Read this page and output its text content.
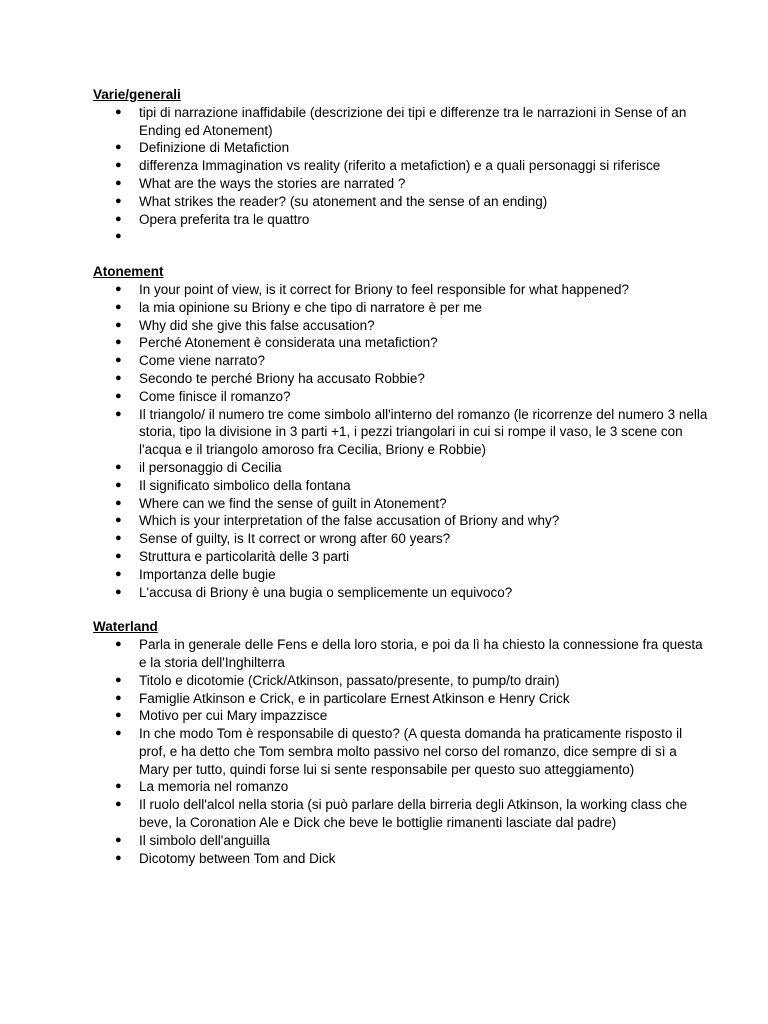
Varie/generali

● tipi di narrazione inaffidabile (descrizione dei tipi e differenze tra le narrazioni in Sense of an Ending ed Atonement)
● Definizione di Metafiction
● differenza Immagination vs reality (riferito a metafiction) e a quali personaggi si riferisce
● What are the ways the stories are narrated ?
● What strikes the reader? (su atonement and the sense of an ending)
● Opera preferita tra le quattro
●

Atonement

● In your point of view, is it correct for Briony to feel responsible for what happened?
● la mia opinione su Briony e che tipo di narratore è per me
● Why did she give this false accusation?
● Perché Atonement è considerata una metafiction?
● Come viene narrato?
● Secondo te perché Briony ha accusato Robbie?
● Come finisce il romanzo?
● Il triangolo/ il numero tre come simbolo all'interno del romanzo (le ricorrenze del numero 3 nella storia, tipo la divisione in 3 parti +1, i pezzi triangolari in cui si rompe il vaso, le 3 scene con l'acqua e il triangolo amoroso fra Cecilia, Briony e Robbie)
● il personaggio di Cecilia
● Il significato simbolico della fontana
● Where can we find the sense of guilt in Atonement?
● Which is your interpretation of the false accusation of Briony and why?
● Sense of guilty, is It correct or wrong after 60 years?
● Struttura e particolarità delle 3 parti
● Importanza delle bugie
● L'accusa di Briony è una bugia o semplicemente un equivoco?

Waterland

● Parla in generale delle Fens e della loro storia, e poi da lì ha chiesto la connessione fra questa e la storia dell'Inghilterra
● Titolo e dicotomie (Crick/Atkinson, passato/presente, to pump/to drain)
● Famiglie Atkinson e Crick, e in particolare Ernest Atkinson e Henry Crick
● Motivo per cui Mary impazzisce
● In che modo Tom è responsabile di questo? (A questa domanda ha praticamente risposto il prof, e ha detto che Tom sembra molto passivo nel corso del romanzo, dice sempre di sì a Mary per tutto, quindi forse lui si sente responsabile per questo suo atteggiamento)
● La memoria nel romanzo
● Il ruolo dell'alcol nella storia (si può parlare della birreria degli Atkinson, la working class che beve, la Coronation Ale e Dick che beve le bottiglie rimanenti lasciate dal padre)
● Il simbolo dell'anguilla
● Dicotomy between Tom and Dick
